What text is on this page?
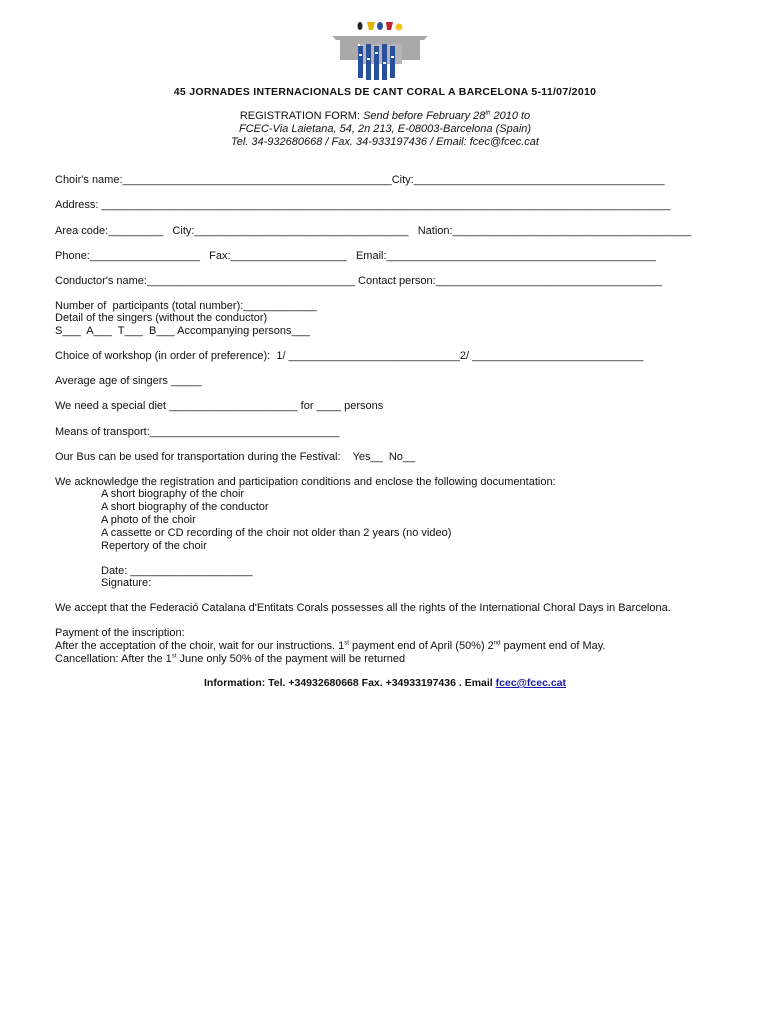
45 JORNADES INTERNACIONALS DE CANT CORAL A BARCELONA 5-11/07/2010
REGISTRATION FORM: Send before February 28th 2010 to
FCEC-Via Laietana, 54, 2n 213, E-08003-Barcelona (Spain)
Tel. 34-932680668 / Fax. 34-933197436 / Email: fcec@fcec.cat
Choir's name:____________________________________________City:_________________________________________
Address: _____________________________________________________________________________________________
Area code:_________   City:___________________________________   Nation:_______________________________________
Phone:__________________   Fax:___________________   Email:____________________________________________
Conductor's name:__________________________________ Contact person:_____________________________________
Number of  participants (total number):____________
Detail of the singers (without the conductor)
S___  A___  T___  B___ Accompanying persons___
Choice of workshop (in order of preference):  1/ ____________________________2/ ____________________________
Average age of singers _____
We need a special diet _____________________ for ____ persons
Means of transport:_______________________________
Our Bus can be used for transportation during the Festival:    Yes__  No__
We acknowledge the registration and participation conditions and enclose the following documentation:
A short biography of the choir
A short biography of the conductor
A photo of the choir
A cassette or CD recording of the choir not older than 2 years (no video)
Repertory of the choir
Date: ____________________
Signature:
We accept that the Federació Catalana d'Entitats Corals possesses all the rights of the International Choral Days in Barcelona.
Payment of the inscription:
After the acceptation of the choir, wait for our instructions. 1st payment end of April (50%) 2nd payment end of May.
Cancellation: After the 1st June only 50% of the payment will be returned
Information: Tel. +34932680668 Fax. +34933197436 . Email fcec@fcec.cat
